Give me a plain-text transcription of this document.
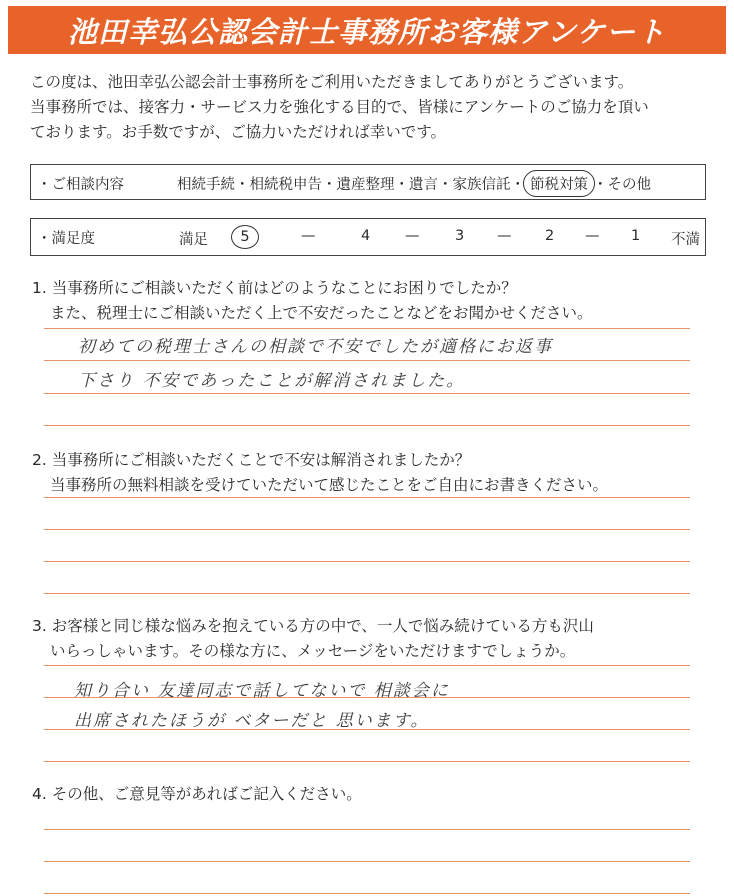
池田幸弘公認会計士事務所お客様アンケート
この度は、池田幸弘公認会計士事務所をご利用いただきましてありがとうございます。
当事務所では、接客力・サービス力を強化する目的で、皆様にアンケートのご協力を頂い
ております。お手数ですが、ご協力いただければ幸いです。
・ご相談内容	相続手続・相続税申告・遺産整理・遺言・家族信託・ 節税対策 ・その他
・満足度	満足	5	—	4 — 3 — 2 — 1 不満
1. 当事務所にご相談いただく前はどのようなことにお困りでしたか？
また、税理士にご相談いただく上で不安だったことなどをお聞かせください。
初めての税理士さんの相談で不安でしたが適格にお返事
下さり 不安であったことが解消されました。
2. 当事務所にご相談いただくことで不安は解消されましたか？
当事務所の無料相談を受けていただいて感じたことをご自由にお書きください。
3. お客様と同じ様な悩みを抱えている方の中で、一人で悩み続けている方も沢山
いらっしゃいます。その様な方に、メッセージをいただけますでしょうか。
知り合い 友達同志で話してないで 相談会に
出席されたほうが ベターだと 思います。
4. その他、ご意見等があればご記入ください。
